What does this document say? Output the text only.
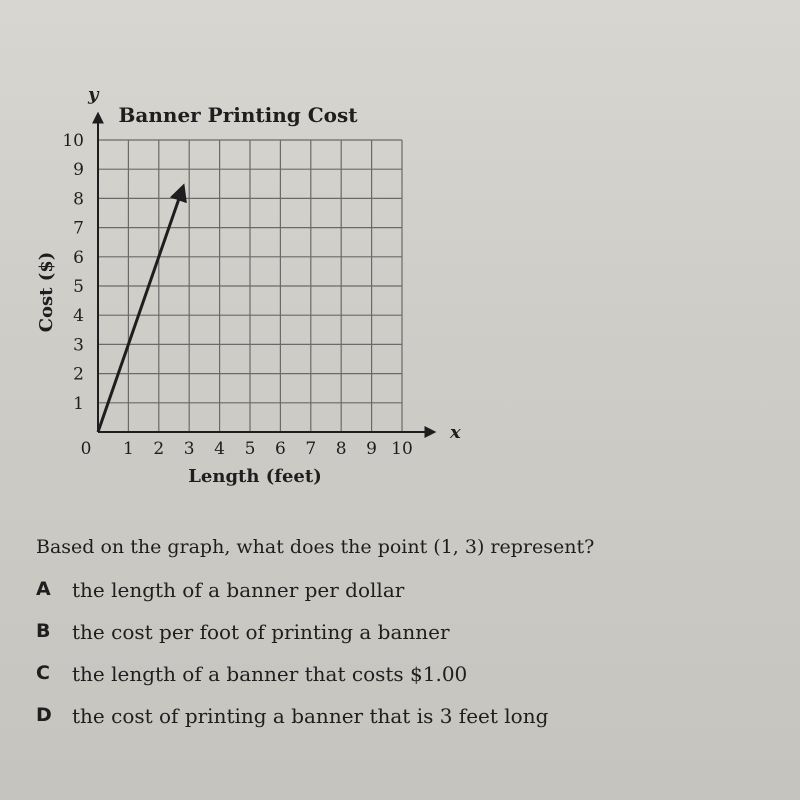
0 1 2 3 4 5 6 7 8 9 10
1
2
3
4
5
6
7
8
9
10
Banner Printing Cost
Length (feet)
Cost ($)
x
y
Based on the graph, what does the point (1, 3) represent?
A the length of a banner per dollar
B the cost per foot of printing a banner
C the length of a banner that costs $1.00
D the cost of printing a banner that is 3 feet long
